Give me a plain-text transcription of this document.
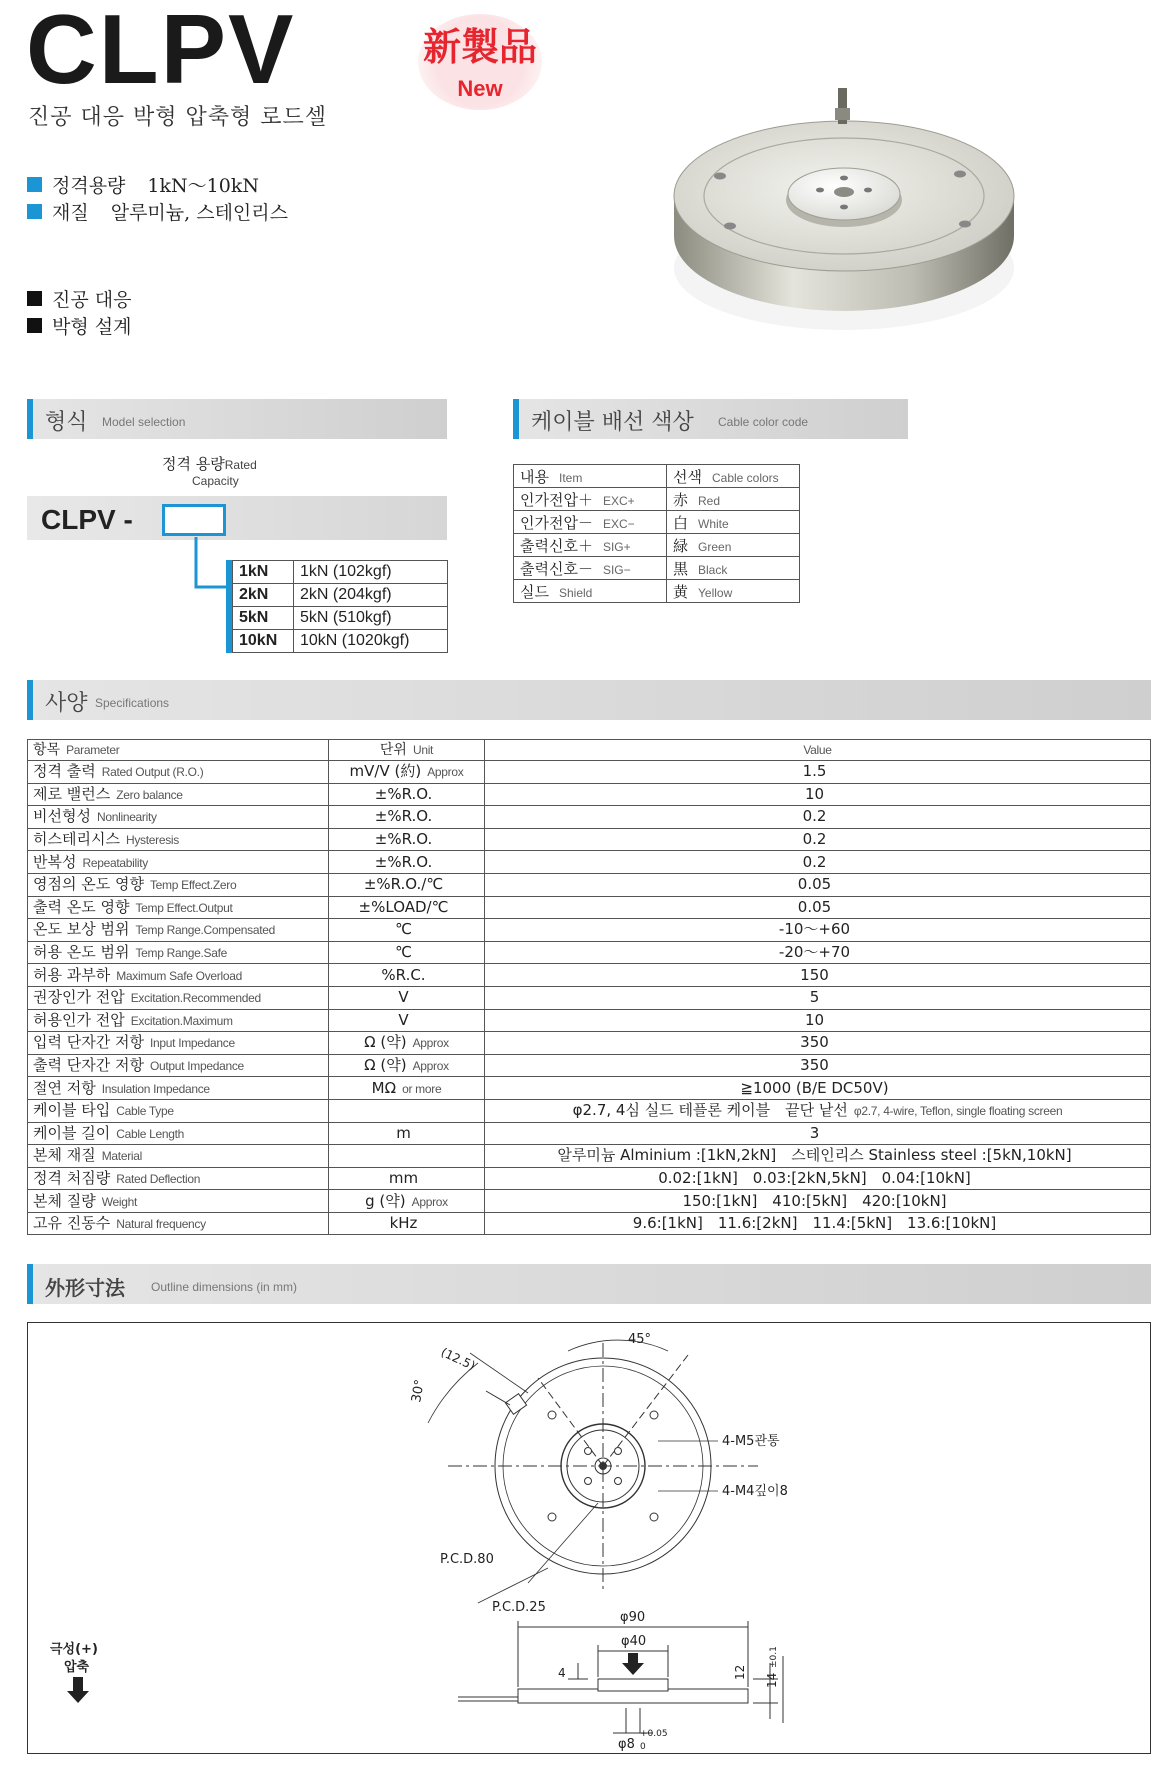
CLPV
진공 대응 박형 압축형 로드셀
新製品
New
정격용량 1kN～10kN
재질 알루미늄, 스테인리스
진공 대응
박형 설계
형식 Model selection
정격 용량Rated
Capacity
CLPV -
1kN	1kN (102kgf)
2kN	2kN (204kgf)
5kN	5kN (510kgf)
10kN	10kN (1020kgf)
케이블 배선 색상 Cable color code
내용 Item	선색 Cable colors
인가전압＋ EXC+	赤 Red
인가전압－ EXC−	白 White
출력신호＋ SIG+	緑 Green
출력신호－ SIG−	黒 Black
실드 Shield	黄 Yellow
사양 Specifications
항목 Parameter	단위 Unit	Value
정격 출력 Rated Output (R.O.)	mV/V (約) Approx	1.5
제로 밸런스 Zero balance	±%R.O.	10
비선형성 Nonlinearity	±%R.O.	0.2
히스테리시스 Hysteresis	±%R.O.	0.2
반복성 Repeatability	±%R.O.	0.2
영점의 온도 영향 Temp Effect.Zero	±%R.O./℃	0.05
출력 온도 영향 Temp Effect.Output	±%LOAD/℃	0.05
온도 보상 범위 Temp Range.Compensated	℃	-10～+60
허용 온도 범위 Temp Range.Safe	℃	-20～+70
허용 과부하 Maximum Safe Overload	%R.C.	150
권장인가 전압 Excitation.Recommended	V	5
허용인가 전압 Excitation.Maximum	V	10
입력 단자간 저항 Input Impedance	Ω (약) Approx	350
출력 단자간 저항 Output Impedance	Ω (약) Approx	350
절연 저항 Insulation Impedance	MΩ or more	≧1000 (B/E DC50V)
케이블 타입 Cable Type		φ2.7, 4심 실드 테플론 케이블　끝단 낱선 φ2.7, 4-wire, Teflon, single floating screen
케이블 길이 Cable Length	m	3
본체 재질 Material		알루미늄 Alminium :[1kN,2kN]　스테인리스 Stainless steel :[5kN,10kN]
정격 처짐량 Rated Deflection	mm	0.02:[1kN]　0.03:[2kN,5kN]　0.04:[10kN]
본체 질량 Weight	g (약) Approx	150:[1kN]　410:[5kN]　420:[10kN]
고유 진동수 Natural frequency	kHz	9.6:[1kN]　11.6:[2kN]　11.4:[5kN]　13.6:[10kN]
外形寸法 Outline dimensions (in mm)
(12.5)
45°
30°
4-M5관통
4-M4깊이8
P.C.D.80
P.C.D.25
φ90
φ40
4	12
14
±0.1
φ8
+0.05
0
극성(+)
압축
